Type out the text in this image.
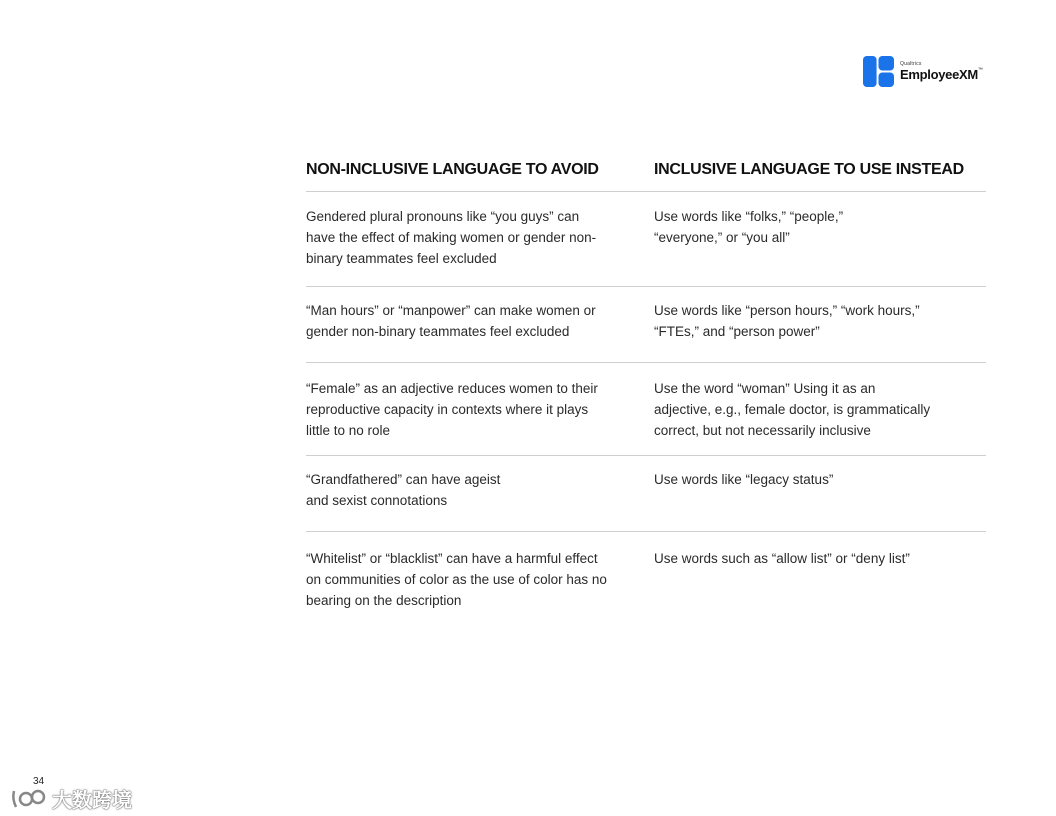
Qualtrics
EmployeeXM™
NON-INCLUSIVE LANGUAGE TO AVOID	INCLUSIVE LANGUAGE TO USE INSTEAD
Gendered plural pronouns like “you guys” can
have the effect of making women or gender non-
binary teammates feel excluded
Use words like “folks,” “people,”
“everyone,” or “you all”
“Man hours” or “manpower” can make women or
gender non-binary teammates feel excluded
Use words like “person hours,” “work hours,”
“FTEs,” and “person power”
“Female” as an adjective reduces women to their
reproductive capacity in contexts where it plays
little to no role
Use the word “woman” Using it as an
adjective, e.g., female doctor, is grammatically
correct, but not necessarily inclusive
“Grandfathered” can have ageist
and sexist connotations
Use words like “legacy status”
“Whitelist” or “blacklist” can have a harmful effect
on communities of color as the use of color has no
bearing on the description
Use words such as “allow list” or “deny list”
34
大数跨境
